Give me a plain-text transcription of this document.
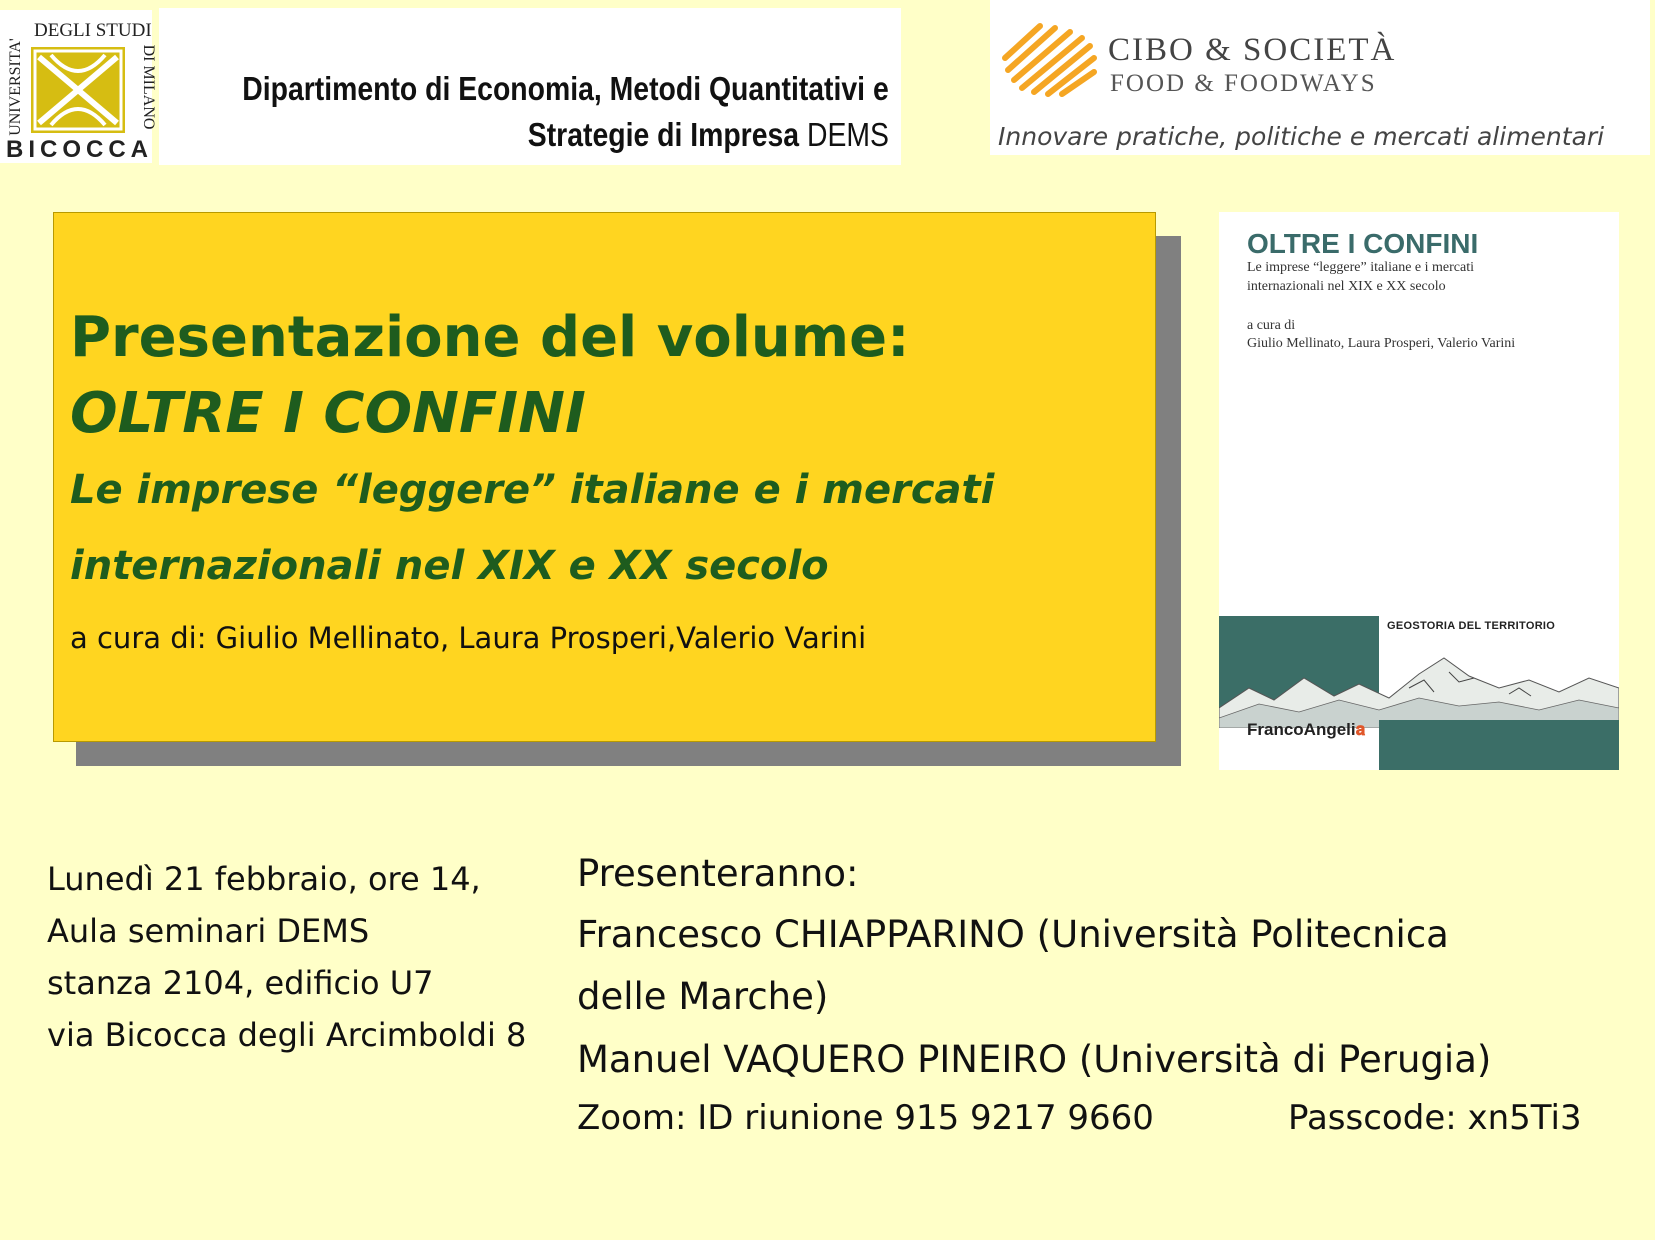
DEGLI STUDI
UNIVERSITA'	DI MILANO
BICOCCA
Dipartimento di Economia, Metodi Quantitativi e
Strategie di Impresa DEMS
CIBO & SOCIETÀ
FOOD & FOODWAYS
Innovare pratiche, politiche e mercati alimentari
Presentazione del volume:
OLTRE I CONFINI
Le imprese “leggere” italiane e i mercati
internazionali nel XIX e XX secolo
a cura di: Giulio Mellinato, Laura Prosperi,Valerio Varini
OLTRE I CONFINI
Le imprese “leggere” italiane e i mercati
internazionali nel XIX e XX secolo
a cura di
Giulio Mellinato, Laura Prosperi, Valerio Varini
GEOSTORIA DEL TERRITORIO
FrancoAngeli𝐚
Lunedì 21 febbraio, ore 14,
Aula seminari DEMS
stanza 2104, edificio U7
via Bicocca degli Arcimboldi 8
Presenteranno:
Francesco CHIAPPARINO (Università Politecnica
delle Marche)
Manuel VAQUERO PINEIRO (Università di Perugia)
Zoom: ID riunione 915 9217 9660	Passcode: xn5Ti3
